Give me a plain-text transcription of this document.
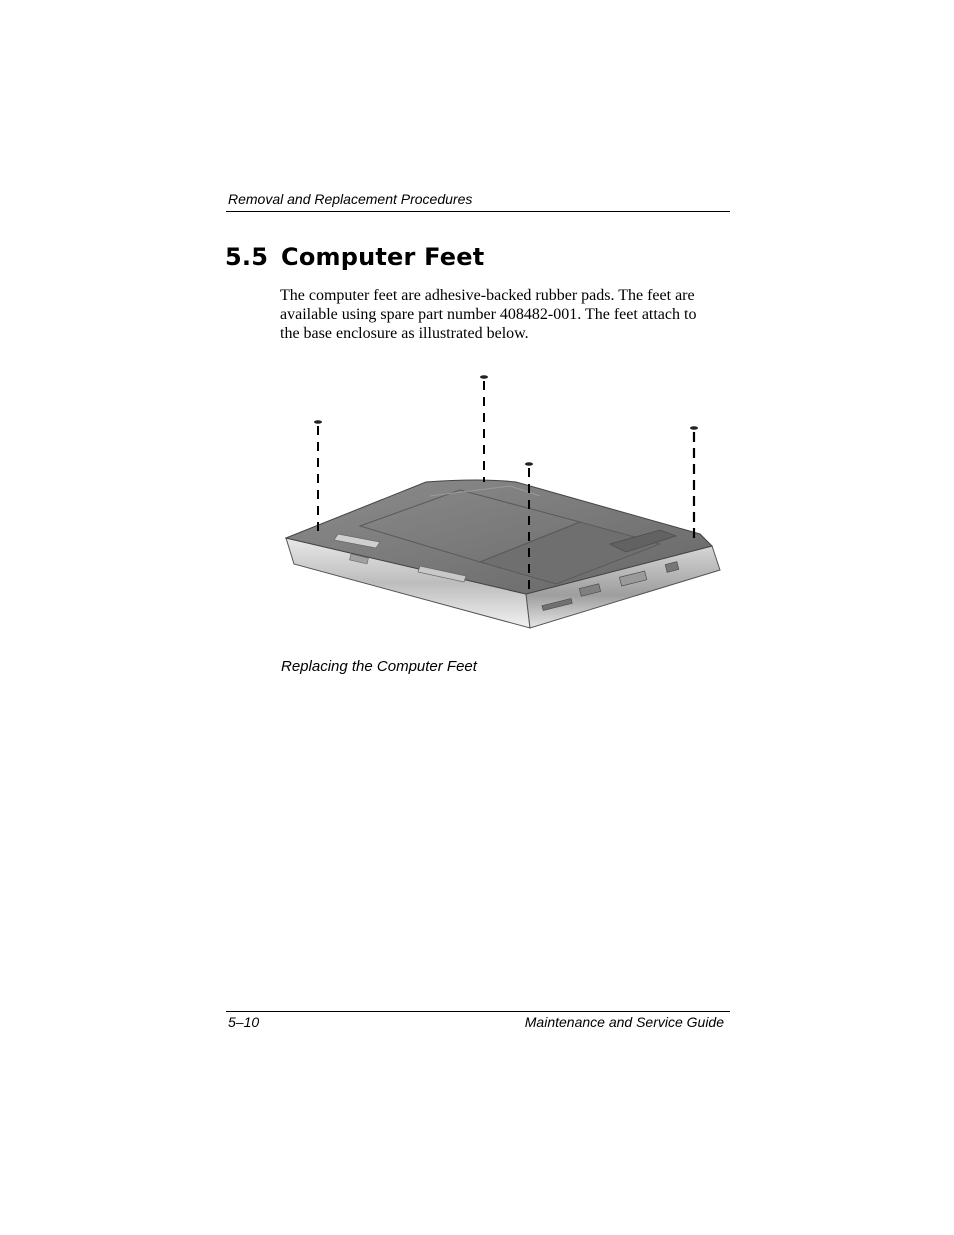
Removal and Replacement Procedures
5.5 Computer Feet

The computer feet are adhesive-backed rubber pads. The feet are
available using spare part number 408482-001. The feet attach to
the base enclosure as illustrated below.

Replacing the Computer Feet
5–10	Maintenance and Service Guide
